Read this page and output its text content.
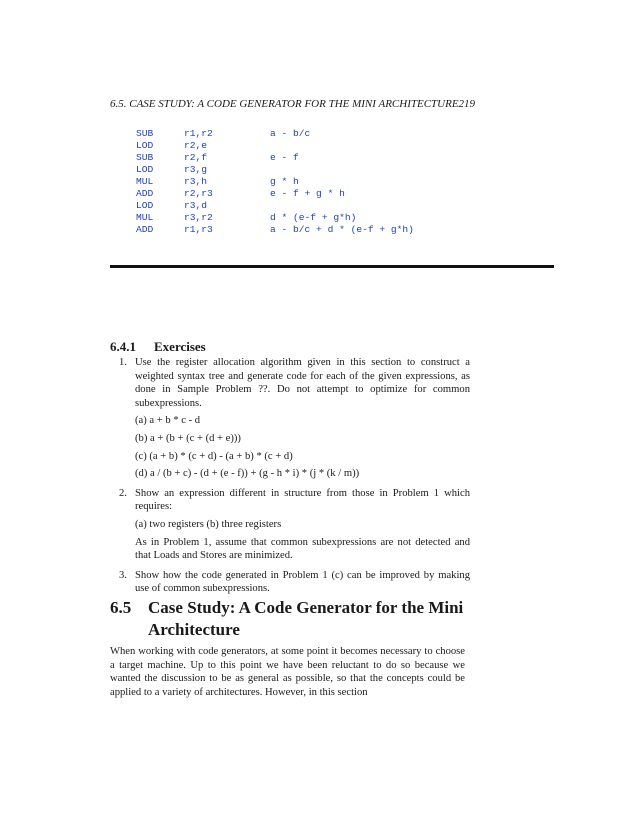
6.5. CASE STUDY: A CODE GENERATOR FOR THE MINI ARCHITECTURE219
SUB	r1,r2	a - b/c
LOD	r2,e
SUB	r2,f	e - f
LOD	r3,g
MUL	r3,h	g * h
ADD	r2,r3	e - f + g * h
LOD	r3,d
MUL	r3,r2	d * (e-f + g*h)
ADD	r1,r3	a - b/c + d * (e-f + g*h)
6.4.1 Exercises
1. Use the register allocation algorithm given in this section to construct a weighted syntax tree and generate code for each of the given expressions, as done in Sample Problem ??. Do not attempt to optimize for common subexpressions.

(a) a + b * c - d
(b) a + (b + (c + (d + e)))
(c) (a + b) * (c + d) - (a + b) * (c + d)
(d) a / (b + c) - (d + (e - f)) + (g - h * i) * (j * (k / m))
2. Show an expression different in structure from those in Problem 1 which requires:

(a) two registers (b) three registers

As in Problem 1, assume that common subexpressions are not detected and that Loads and Stores are minimized.

3. Show how the code generated in Problem 1 (c) can be improved by making use of common subexpressions.

6.5 Case Study: A Code Generator for the Mini Architecture

When working with code generators, at some point it becomes necessary to choose a target machine. Up to this point we have been reluctant to do so because we wanted the discussion to be as general as possible, so that the concepts could be applied to a variety of architectures. However, in this section
